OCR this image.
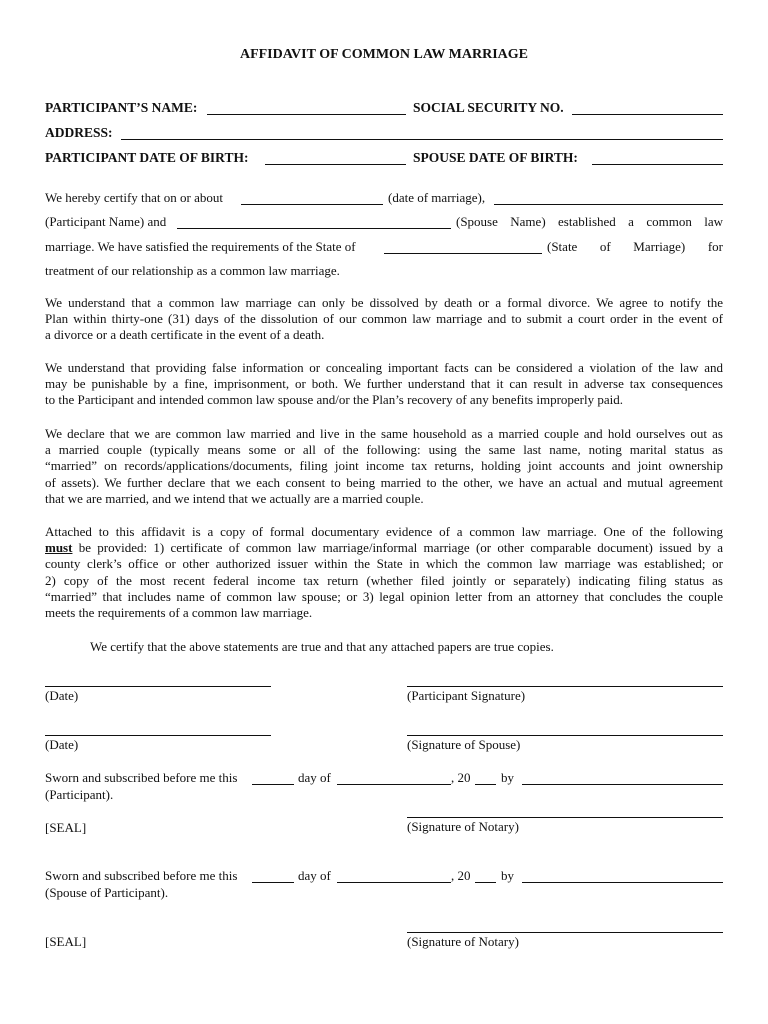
AFFIDAVIT OF COMMON LAW MARRIAGE
PARTICIPANT’S NAME:	SOCIAL SECURITY NO.
ADDRESS:
PARTICIPANT DATE OF BIRTH:	SPOUSE DATE OF BIRTH:
We hereby certify that on or about	(date of marriage),
(Participant Name) and	(Spouse Name) established a common law
marriage. We have satisfied the requirements of the State of	(State of Marriage) for
treatment of our relationship as a common law marriage.
We understand that a common law marriage can only be dissolved by death or a formal divorce. We agree to notify the
Plan within thirty-one (31) days of the dissolution of our common law marriage and to submit a court order in the event of
a divorce or a death certificate in the event of a death.
We understand that providing false information or concealing important facts can be considered a violation of the law and
may be punishable by a fine, imprisonment, or both. We further understand that it can result in adverse tax consequences
to the Participant and intended common law spouse and/or the Plan’s recovery of any benefits improperly paid.
We declare that we are common law married and live in the same household as a married couple and hold ourselves out as
a married couple (typically means some or all of the following: using the same last name, noting marital status as
“married” on records/applications/documents, filing joint income tax returns, holding joint accounts and joint ownership
of assets). We further declare that we each consent to being married to the other, we have an actual and mutual agreement
that we are married, and we intend that we actually are a married couple.
Attached to this affidavit is a copy of formal documentary evidence of a common law marriage. One of the following
must be provided: 1) certificate of common law marriage/informal marriage (or other comparable document) issued by a
county clerk’s office or other authorized issuer within the State in which the common law marriage was established; or
2) copy of the most recent federal income tax return (whether filed jointly or separately) indicating filing status as
“married” that includes name of common law spouse; or 3) legal opinion letter from an attorney that concludes the couple
meets the requirements of a common law marriage.
We certify that the above statements are true and that any attached papers are true copies.
(Date)	(Participant Signature)
(Date)	(Signature of Spouse)
Sworn and subscribed before me this	day of	, 20 by
(Participant).
[SEAL]	(Signature of Notary)
Sworn and subscribed before me this	day of	, 20 by
(Spouse of Participant).
[SEAL]	(Signature of Notary)
